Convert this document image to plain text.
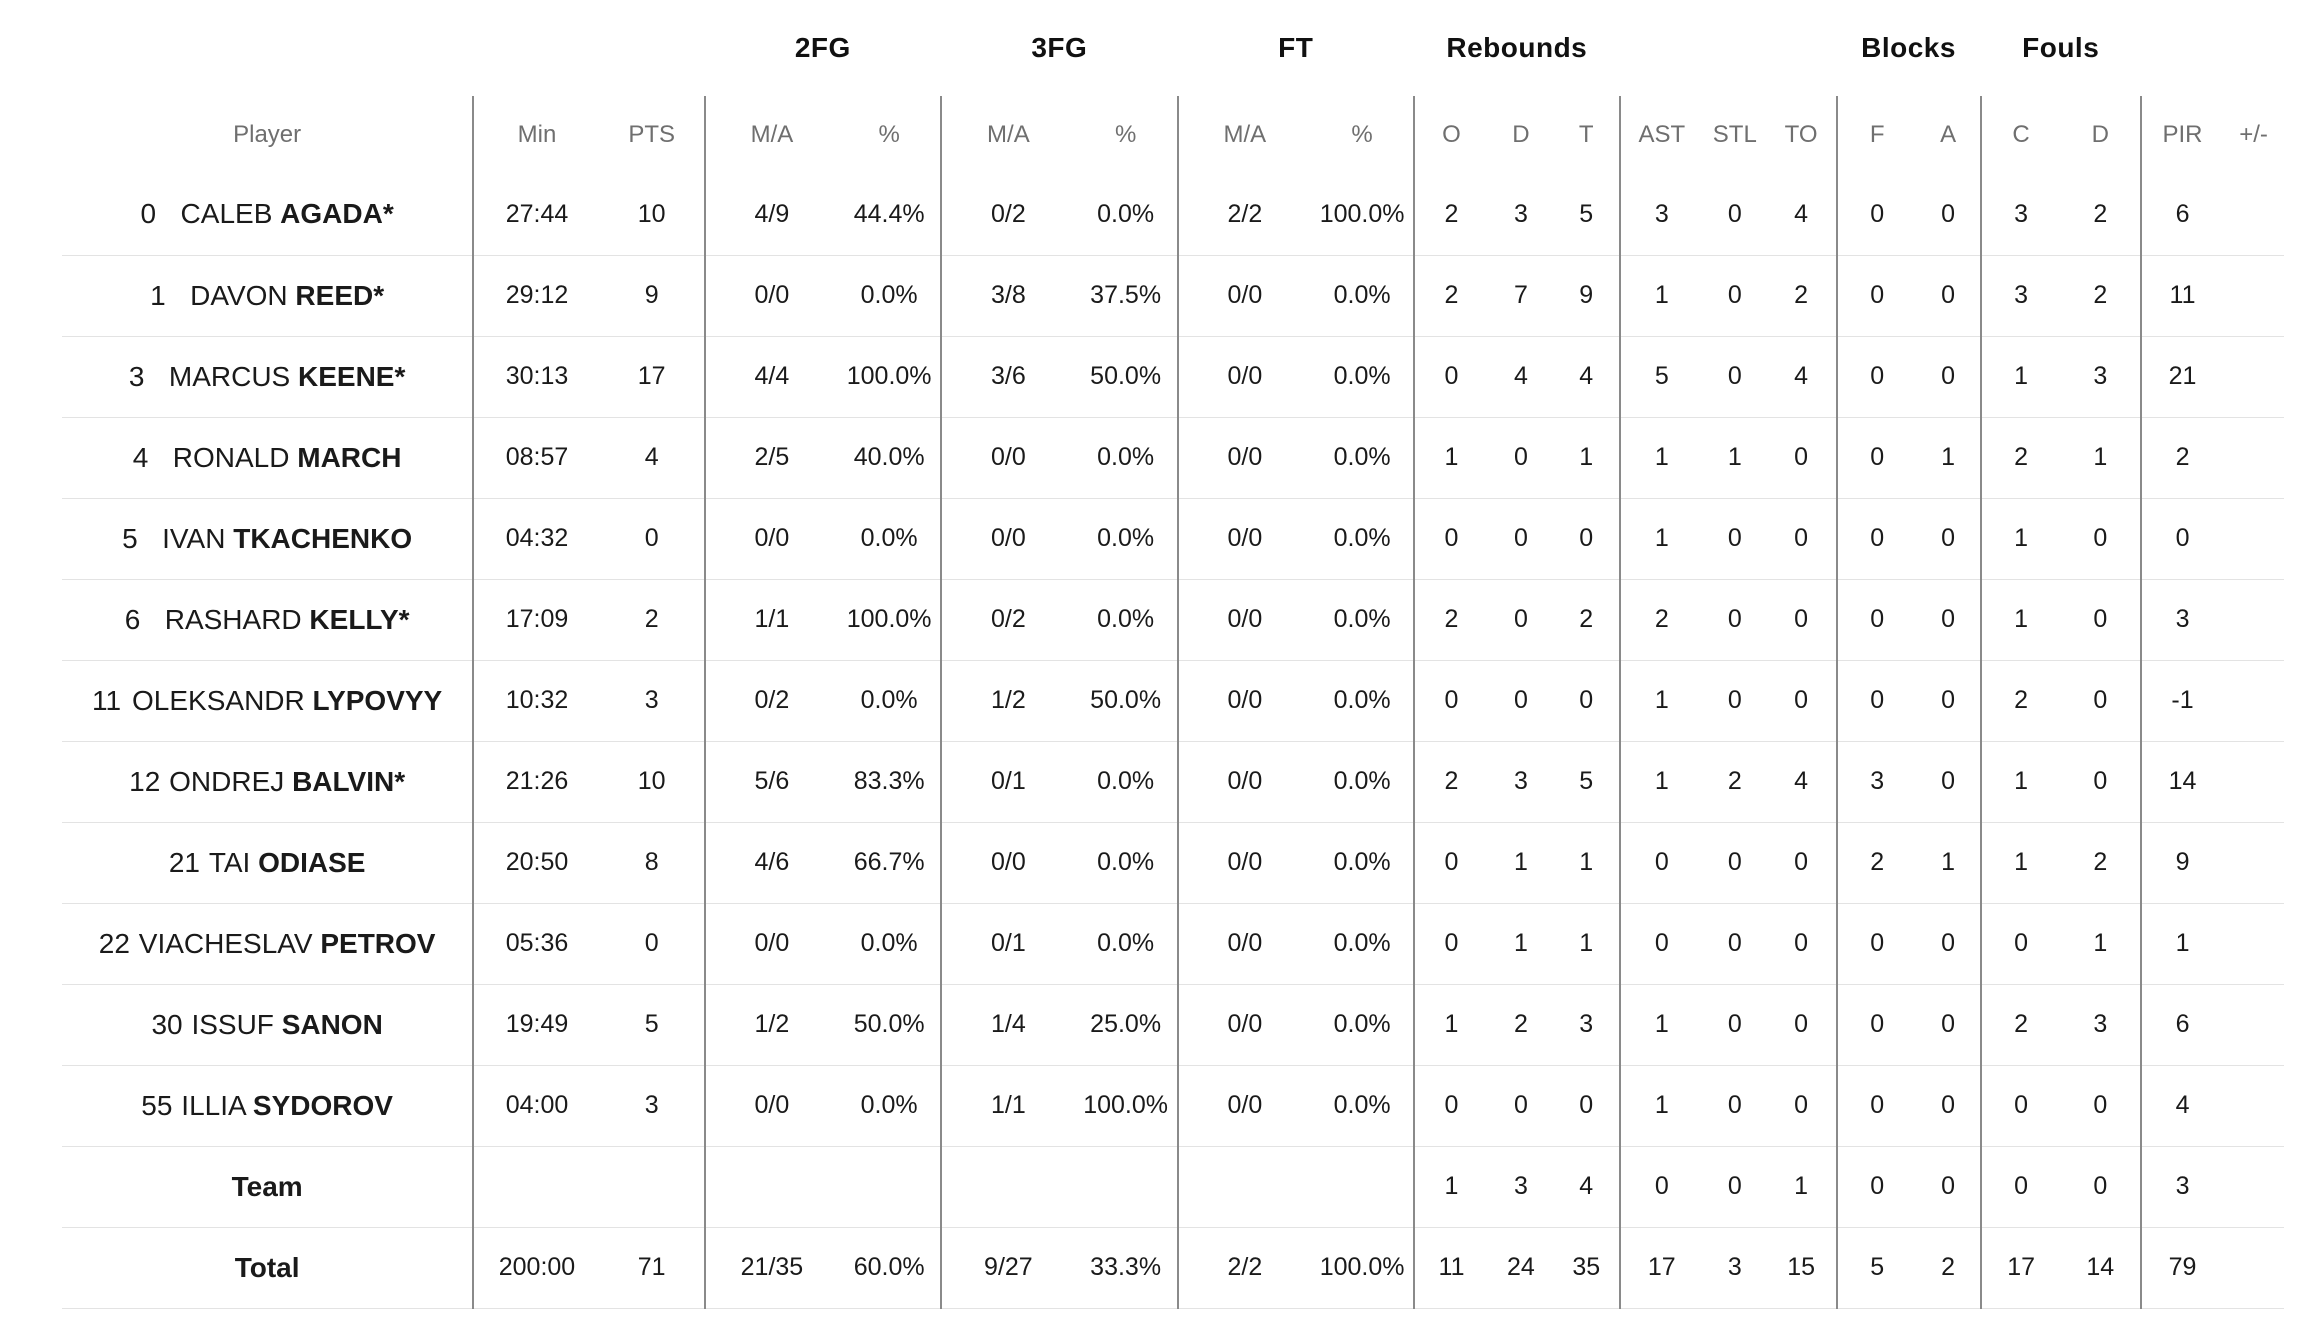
			2FG		3FG		FT		Rebounds						Blocks		Fouls			
Player	Min	PTS	M/A	%	M/A	%	M/A	%	O	D	T	AST	STL	TO	F	A	C	D	PIR	+/-
0 CALEB AGADA*	27:44	10	4/9	44.4%	0/2	0.0%	2/2	100.0%	2	3	5	3	0	4	0	0	3	2	6	
1 DAVON REED*	29:12	9	0/0	0.0%	3/8	37.5%	0/0	0.0%	2	7	9	1	0	2	0	0	3	2	11	
3 MARCUS KEENE*	30:13	17	4/4	100.0%	3/6	50.0%	0/0	0.0%	0	4	4	5	0	4	0	0	1	3	21	
4 RONALD MARCH	08:57	4	2/5	40.0%	0/0	0.0%	0/0	0.0%	1	0	1	1	1	0	0	1	2	1	2	
5 IVAN TKACHENKO	04:32	0	0/0	0.0%	0/0	0.0%	0/0	0.0%	0	0	0	1	0	0	0	0	1	0	0	
6 RASHARD KELLY*	17:09	2	1/1	100.0%	0/2	0.0%	0/0	0.0%	2	0	2	2	0	0	0	0	1	0	3	
11 OLEKSANDR LYPOVYY	10:32	3	0/2	0.0%	1/2	50.0%	0/0	0.0%	0	0	0	1	0	0	0	0	2	0	-1	
12 ONDREJ BALVIN*	21:26	10	5/6	83.3%	0/1	0.0%	0/0	0.0%	2	3	5	1	2	4	3	0	1	0	14	
21 TAI ODIASE	20:50	8	4/6	66.7%	0/0	0.0%	0/0	0.0%	0	1	1	0	0	0	2	1	1	2	9	
22 VIACHESLAV PETROV	05:36	0	0/0	0.0%	0/1	0.0%	0/0	0.0%	0	1	1	0	0	0	0	0	0	1	1	
30 ISSUF SANON	19:49	5	1/2	50.0%	1/4	25.0%	0/0	0.0%	1	2	3	1	0	0	0	0	2	3	6	
55 ILLIA SYDOROV	04:00	3	0/0	0.0%	1/1	100.0%	0/0	0.0%	0	0	0	1	0	0	0	0	0	0	4	
Team									1	3	4	0	0	1	0	0	0	0	3	
Total	200:00	71	21/35	60.0%	9/27	33.3%	2/2	100.0%	11	24	35	17	3	15	5	2	17	14	79	
